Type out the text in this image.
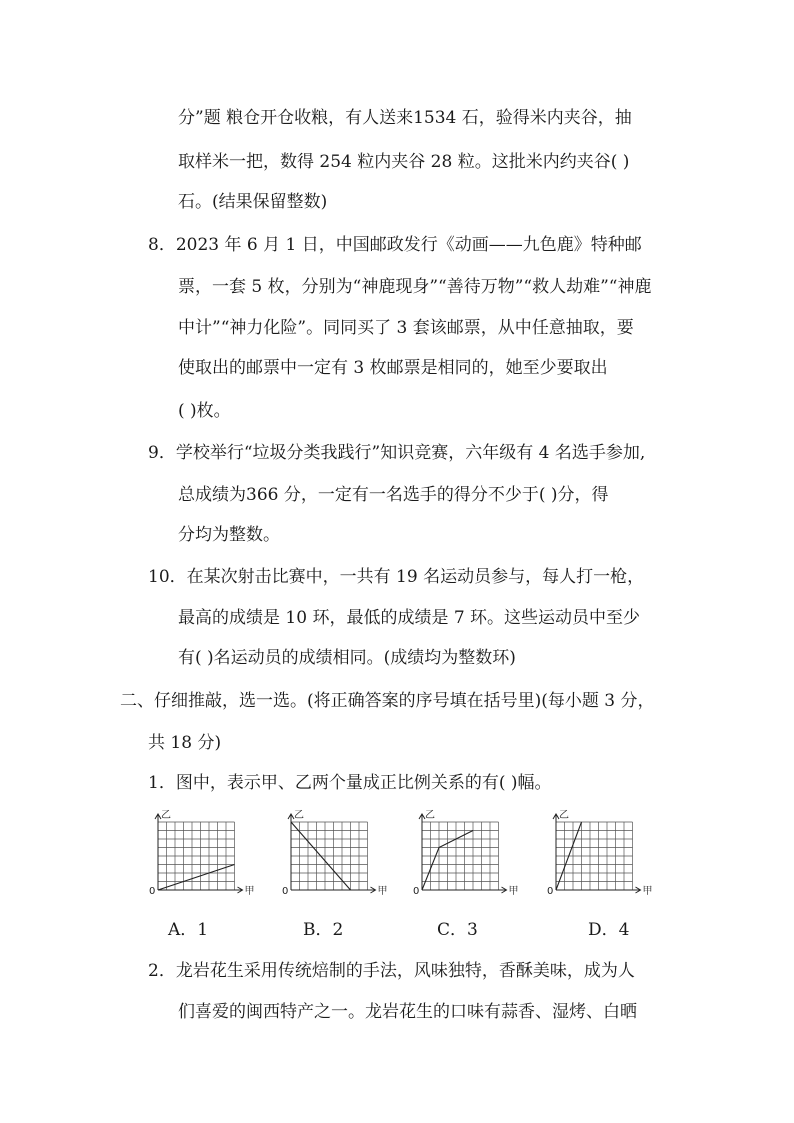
分”题 粮仓开仓收粮，有人送来1534 石，验得米内夹谷，抽
取样米一把，数得 254 粒内夹谷 28 粒。这批米内约夹谷( )
石。(结果保留整数)
8．2023 年 6 月 1 日，中国邮政发行《动画——九色鹿》特种邮
票，一套 5 枚，分别为“神鹿现身”“善待万物”“救人劫难”“神鹿
中计”“神力化险”。同同买了 3 套该邮票，从中任意抽取，要
使取出的邮票中一定有 3 枚邮票是相同的，她至少要取出
( )枚。
9．学校举行“垃圾分类我践行”知识竞赛，六年级有 4 名选手参加,
总成绩为366 分，一定有一名选手的得分不少于( )分，得
分均为整数。
10．在某次射击比赛中，一共有 19 名运动员参与，每人打一枪，
最高的成绩是 10 环，最低的成绩是 7 环。这些运动员中至少
有( )名运动员的成绩相同。(成绩均为整数环)
二、仔细推敲，选一选。(将正确答案的序号填在括号里)(每小题 3 分，
共 18 分)
1．图中，表示甲、乙两个量成正比例关系的有( )幅。
乙
甲
0
乙
甲
0
乙
甲
0
乙
甲
0
A．1	B．2	C．3	D．4
2．龙岩花生采用传统焙制的手法，风味独特，香酥美味，成为人
们喜爱的闽西特产之一。龙岩花生的口味有蒜香、湿烤、白晒
